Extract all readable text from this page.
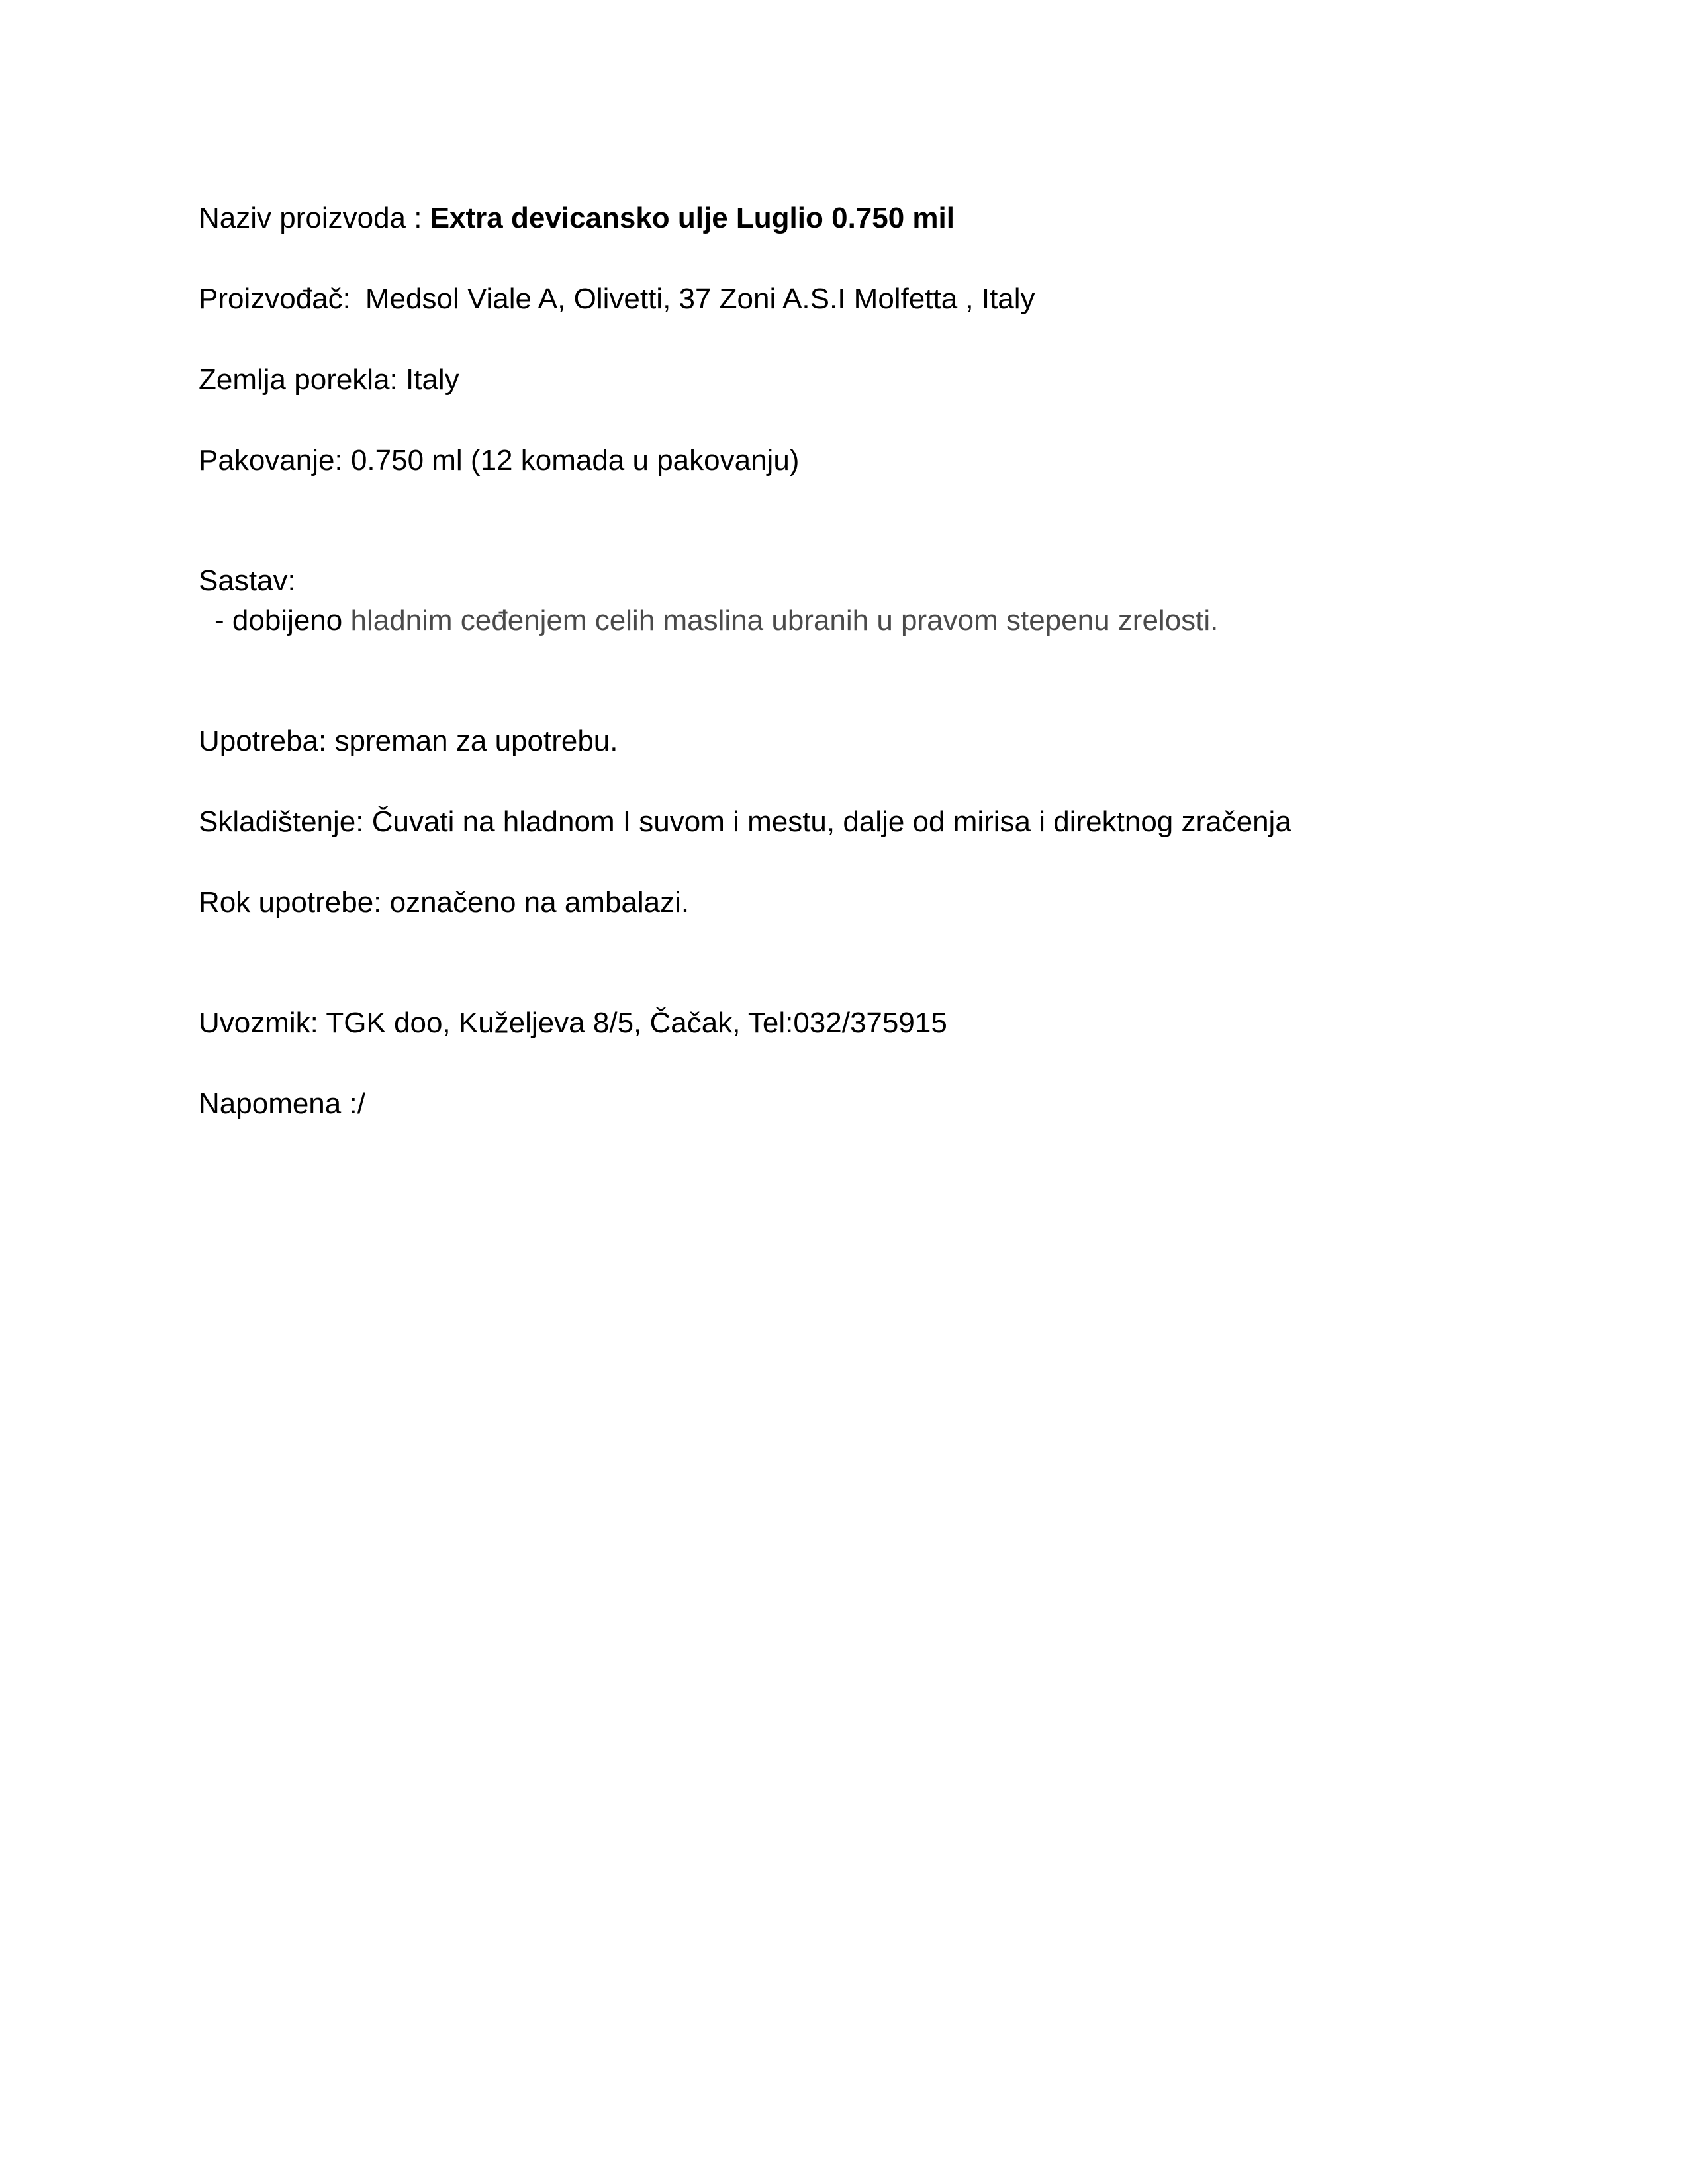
Naziv proizvoda : Extra devicansko ulje Luglio 0.750 mil
Proizvođač: Medsol Viale A, Olivetti, 37 Zoni A.S.I Molfetta , Italy
Zemlja porekla: Italy
Pakovanje: 0.750 ml (12 komada u pakovanju)
Sastav:
- dobijeno hladnim ceđenjem celih maslina ubranih u pravom stepenu zrelosti.
Upotreba: spreman za upotrebu.
Skladištenje: Čuvati na hladnom I suvom i mestu, dalje od mirisa i direktnog zračenja
Rok upotrebe: označeno na ambalazi.
Uvozmik: TGK doo, Kuželjeva 8/5, Čačak, Tel:032/375915
Napomena :/
